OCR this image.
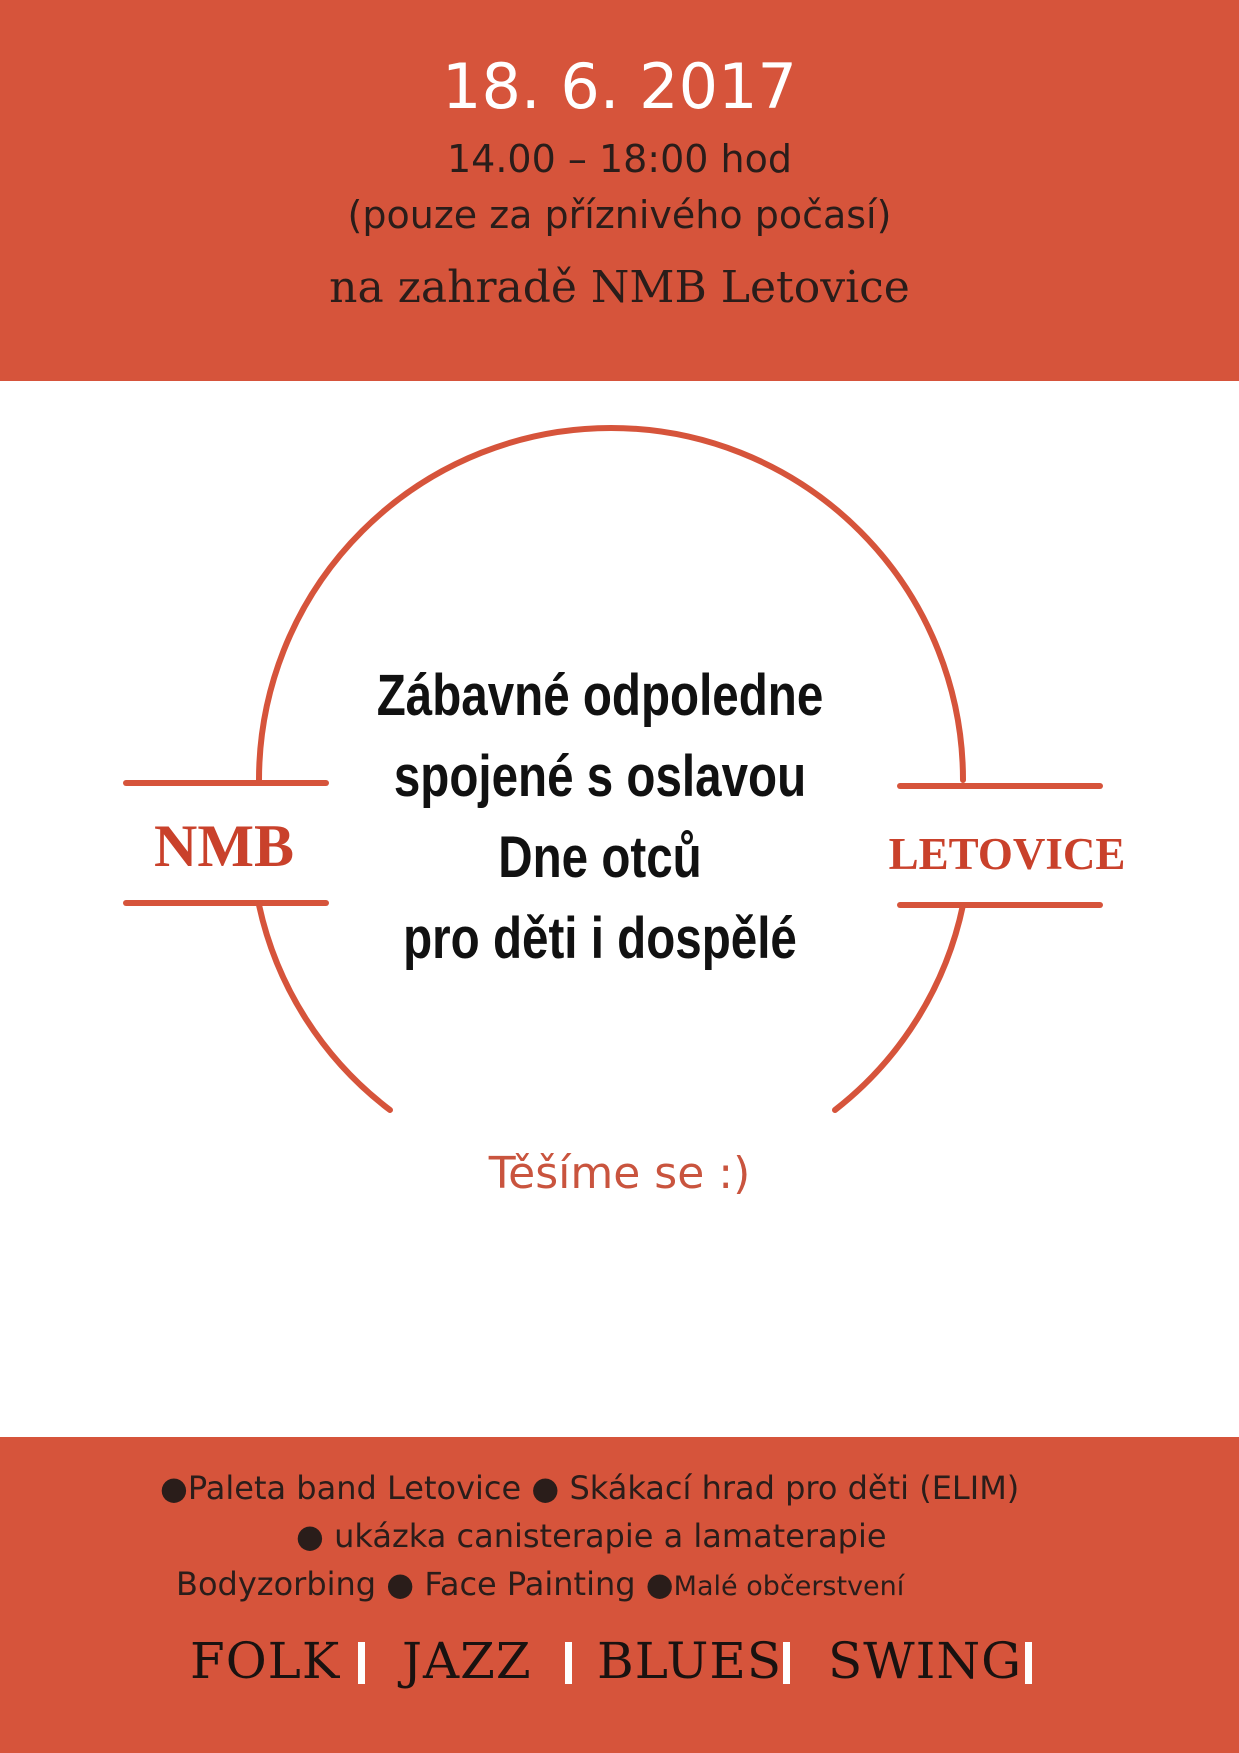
18. 6. 2017
14.00 – 18:00 hod
(pouze za příznivého počasí)
na zahradě NMB Letovice
NMB	LETOVICE
Zábavné odpoledne
spojené s oslavou
Dne otců
pro děti i dospělé
Těšíme se :)
●Paleta band Letovice ● Skákací hrad pro děti (ELIM)
● ukázka canisterapie a lamaterapie
Bodyzorbing ● Face Painting ●Malé občerstvení
FOLK JAZZ BLUES SWING
